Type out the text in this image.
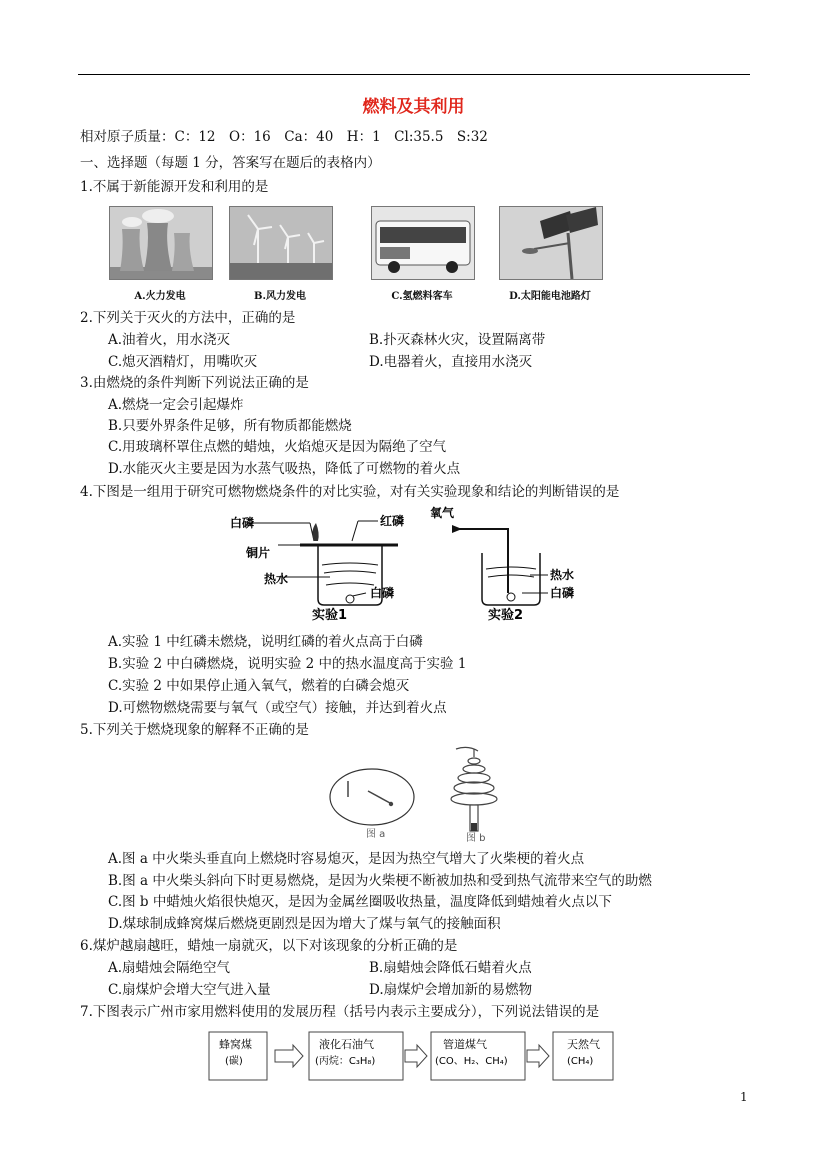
燃料及其利用
相对原子质量：C：12　O：16　Ca：40　H：1　Cl:35.5　S:32
一、选择题（每题 1 分，答案写在题后的表格内）
1.不属于新能源开发和利用的是
A.火力发电	B.风力发电	C.氢燃料客车	D.太阳能电池路灯
2.下列关于灭火的方法中，正确的是
A.油着火，用水浇灭	B.扑灭森林火灾，设置隔离带
C.熄灭酒精灯，用嘴吹灭	D.电器着火，直接用水浇灭
3.由燃烧的条件判断下列说法正确的是
A.燃烧一定会引起爆炸
B.只要外界条件足够，所有物质都能燃烧
C.用玻璃杯罩住点燃的蜡烛，火焰熄灭是因为隔绝了空气
D.水能灭火主要是因为水蒸气吸热，降低了可燃物的着火点
4.下图是一组用于研究可燃物燃烧条件的对比实验，对有关实验现象和结论的判断错误的是
白磷	红磷
铜片
热水
白磷
实验1
氧气
热水
白磷
实验2
A.实验 1 中红磷未燃烧，说明红磷的着火点高于白磷
B.实验 2 中白磷燃烧，说明实验 2 中的热水温度高于实验 1
C.实验 2 中如果停止通入氧气，燃着的白磷会熄灭
D.可燃物燃烧需要与氧气（或空气）接触，并达到着火点
5.下列关于燃烧现象的解释不正确的是
图 a	图 b
A.图 a 中火柴头垂直向上燃烧时容易熄灭，是因为热空气增大了火柴梗的着火点
B.图 a 中火柴头斜向下时更易燃烧，是因为火柴梗不断被加热和受到热气流带来空气的助燃
C.图 b 中蜡烛火焰很快熄灭，是因为金属丝圈吸收热量，温度降低到蜡烛着火点以下
D.煤球制成蜂窝煤后燃烧更剧烈是因为增大了煤与氧气的接触面积
6.煤炉越扇越旺，蜡烛一扇就灭，以下对该现象的分析正确的是
A.扇蜡烛会隔绝空气	B.扇蜡烛会降低石蜡着火点
C.扇煤炉会增大空气进入量	D.扇煤炉会增加新的易燃物
7.下图表示广州市家用燃料使用的发展历程（括号内表示主要成分），下列说法错误的是
蜂窝煤
(碳)
液化石油气
(丙烷：C₃H₈)
管道煤气
(CO、H₂、CH₄)
天然气
(CH₄)
1
